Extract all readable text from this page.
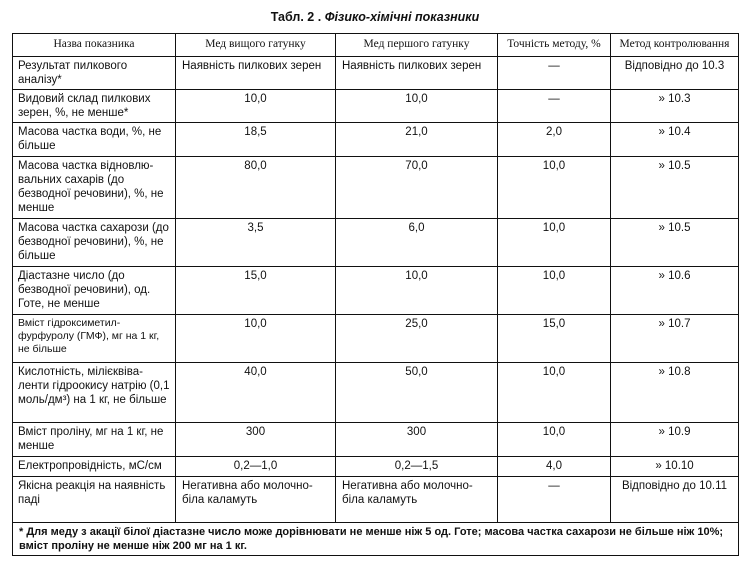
Табл. 2 . Фізико-хімічні показники
Назва показника	Мед вищого гатунку	Мед першого гатунку	Точність методу, %	Метод контролювання
Результат пилкового аналізу*	Наявність пилкових зерен	Наявність пилкових зерен	—	Відповідно до 10.3
Видовий склад пилкових зерен, %, не менше*	10,0	10,0	—	» 10.3
Масова частка води, %, не більше	18,5	21,0	2,0	» 10.4
Масова частка відновлю-вальних сахарів (до безводної речовини), %, не менше	80,0	70,0	10,0	» 10.5
Масова частка сахарози (до безводної речовини), %, не більше	3,5	6,0	10,0	» 10.5
Діастазне число (до безводної речовини), од. Готе, не менше	15,0	10,0	10,0	» 10.6
Вміст гідроксиметил-фурфуролу (ГМФ), мг на 1 кг, не більше	10,0	25,0	15,0	» 10.7
Кислотність, мілієквіва-ленти гідроокису натрію (0,1 моль/дм³) на 1 кг, не більше	40,0	50,0	10,0	» 10.8
Вміст проліну, мг на 1 кг, не менше	300	300	10,0	» 10.9
Електропровідність, мС/см	0,2—1,0	0,2—1,5	4,0	» 10.10
Якісна реакція на наявність паді	Негативна або молочно-біла каламуть	Негативна або молочно-біла каламуть	—	Відповідно до 10.11
* Для меду з акації білої діастазне число може дорівнювати не менше ніж 5 од. Готе; масова частка сахарози не більше ніж 10%; вміст проліну не менше ніж 200 мг на 1 кг.				
